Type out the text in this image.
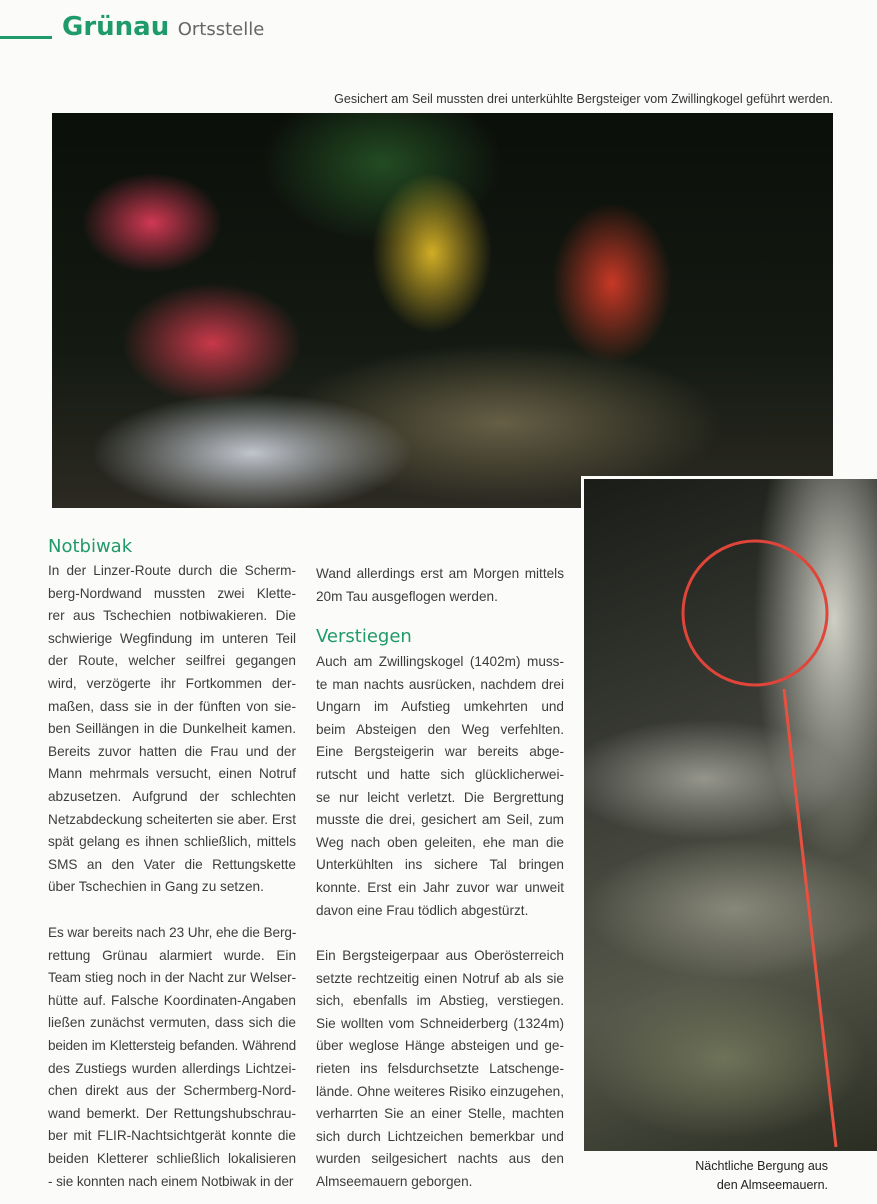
Grünau Ortsstelle
Gesichert am Seil mussten drei unterkühlte Bergsteiger vom Zwillingkogel geführt werden.
Nächtliche Bergung aus
den Almseemauern.
Notbiwak
In der Linzer-Route durch die Scherm-
berg-Nordwand mussten zwei Klette-
rer aus Tschechien notbiwakieren. Die
schwierige Wegfindung im unteren Teil
der Route, welcher seilfrei gegangen
wird, verzögerte ihr Fortkommen der-
maßen, dass sie in der fünften von sie-
ben Seillängen in die Dunkelheit kamen.
Bereits zuvor hatten die Frau und der
Mann mehrmals versucht, einen Notruf
abzusetzen. Aufgrund der schlechten
Netzabdeckung scheiterten sie aber. Erst
spät gelang es ihnen schließlich, mittels
SMS an den Vater die Rettungskette
über Tschechien in Gang zu setzen.
Es war bereits nach 23 Uhr, ehe die Berg-
rettung Grünau alarmiert wurde. Ein
Team stieg noch in der Nacht zur Welser-
hütte auf. Falsche Koordinaten-Angaben
ließen zunächst vermuten, dass sich die
beiden im Klettersteig befanden. Während
des Zustiegs wurden allerdings Lichtzei-
chen direkt aus der Schermberg-Nord-
wand bemerkt. Der Rettungshubschrau-
ber mit FLIR-Nachtsichtgerät konnte die
beiden Kletterer schließlich lokalisieren
- sie konnten nach einem Notbiwak in der
Wand allerdings erst am Morgen mittels
20m Tau ausgeflogen werden.
Verstiegen
Auch am Zwillingskogel (1402m) muss-
te man nachts ausrücken, nachdem drei
Ungarn im Aufstieg umkehrten und
beim Absteigen den Weg verfehlten.
Eine Bergsteigerin war bereits abge-
rutscht und hatte sich glücklicherwei-
se nur leicht verletzt. Die Bergrettung
musste die drei, gesichert am Seil, zum
Weg nach oben geleiten, ehe man die
Unterkühlten ins sichere Tal bringen
konnte. Erst ein Jahr zuvor war unweit
davon eine Frau tödlich abgestürzt.
Ein Bergsteigerpaar aus Oberösterreich
setzte rechtzeitig einen Notruf ab als sie
sich, ebenfalls im Abstieg, verstiegen.
Sie wollten vom Schneiderberg (1324m)
über weglose Hänge absteigen und ge-
rieten ins felsdurchsetzte Latschenge-
lände. Ohne weiteres Risiko einzugehen,
verharrten Sie an einer Stelle, machten
sich durch Lichtzeichen bemerkbar und
wurden seilgesichert nachts aus den
Almseemauern geborgen.
